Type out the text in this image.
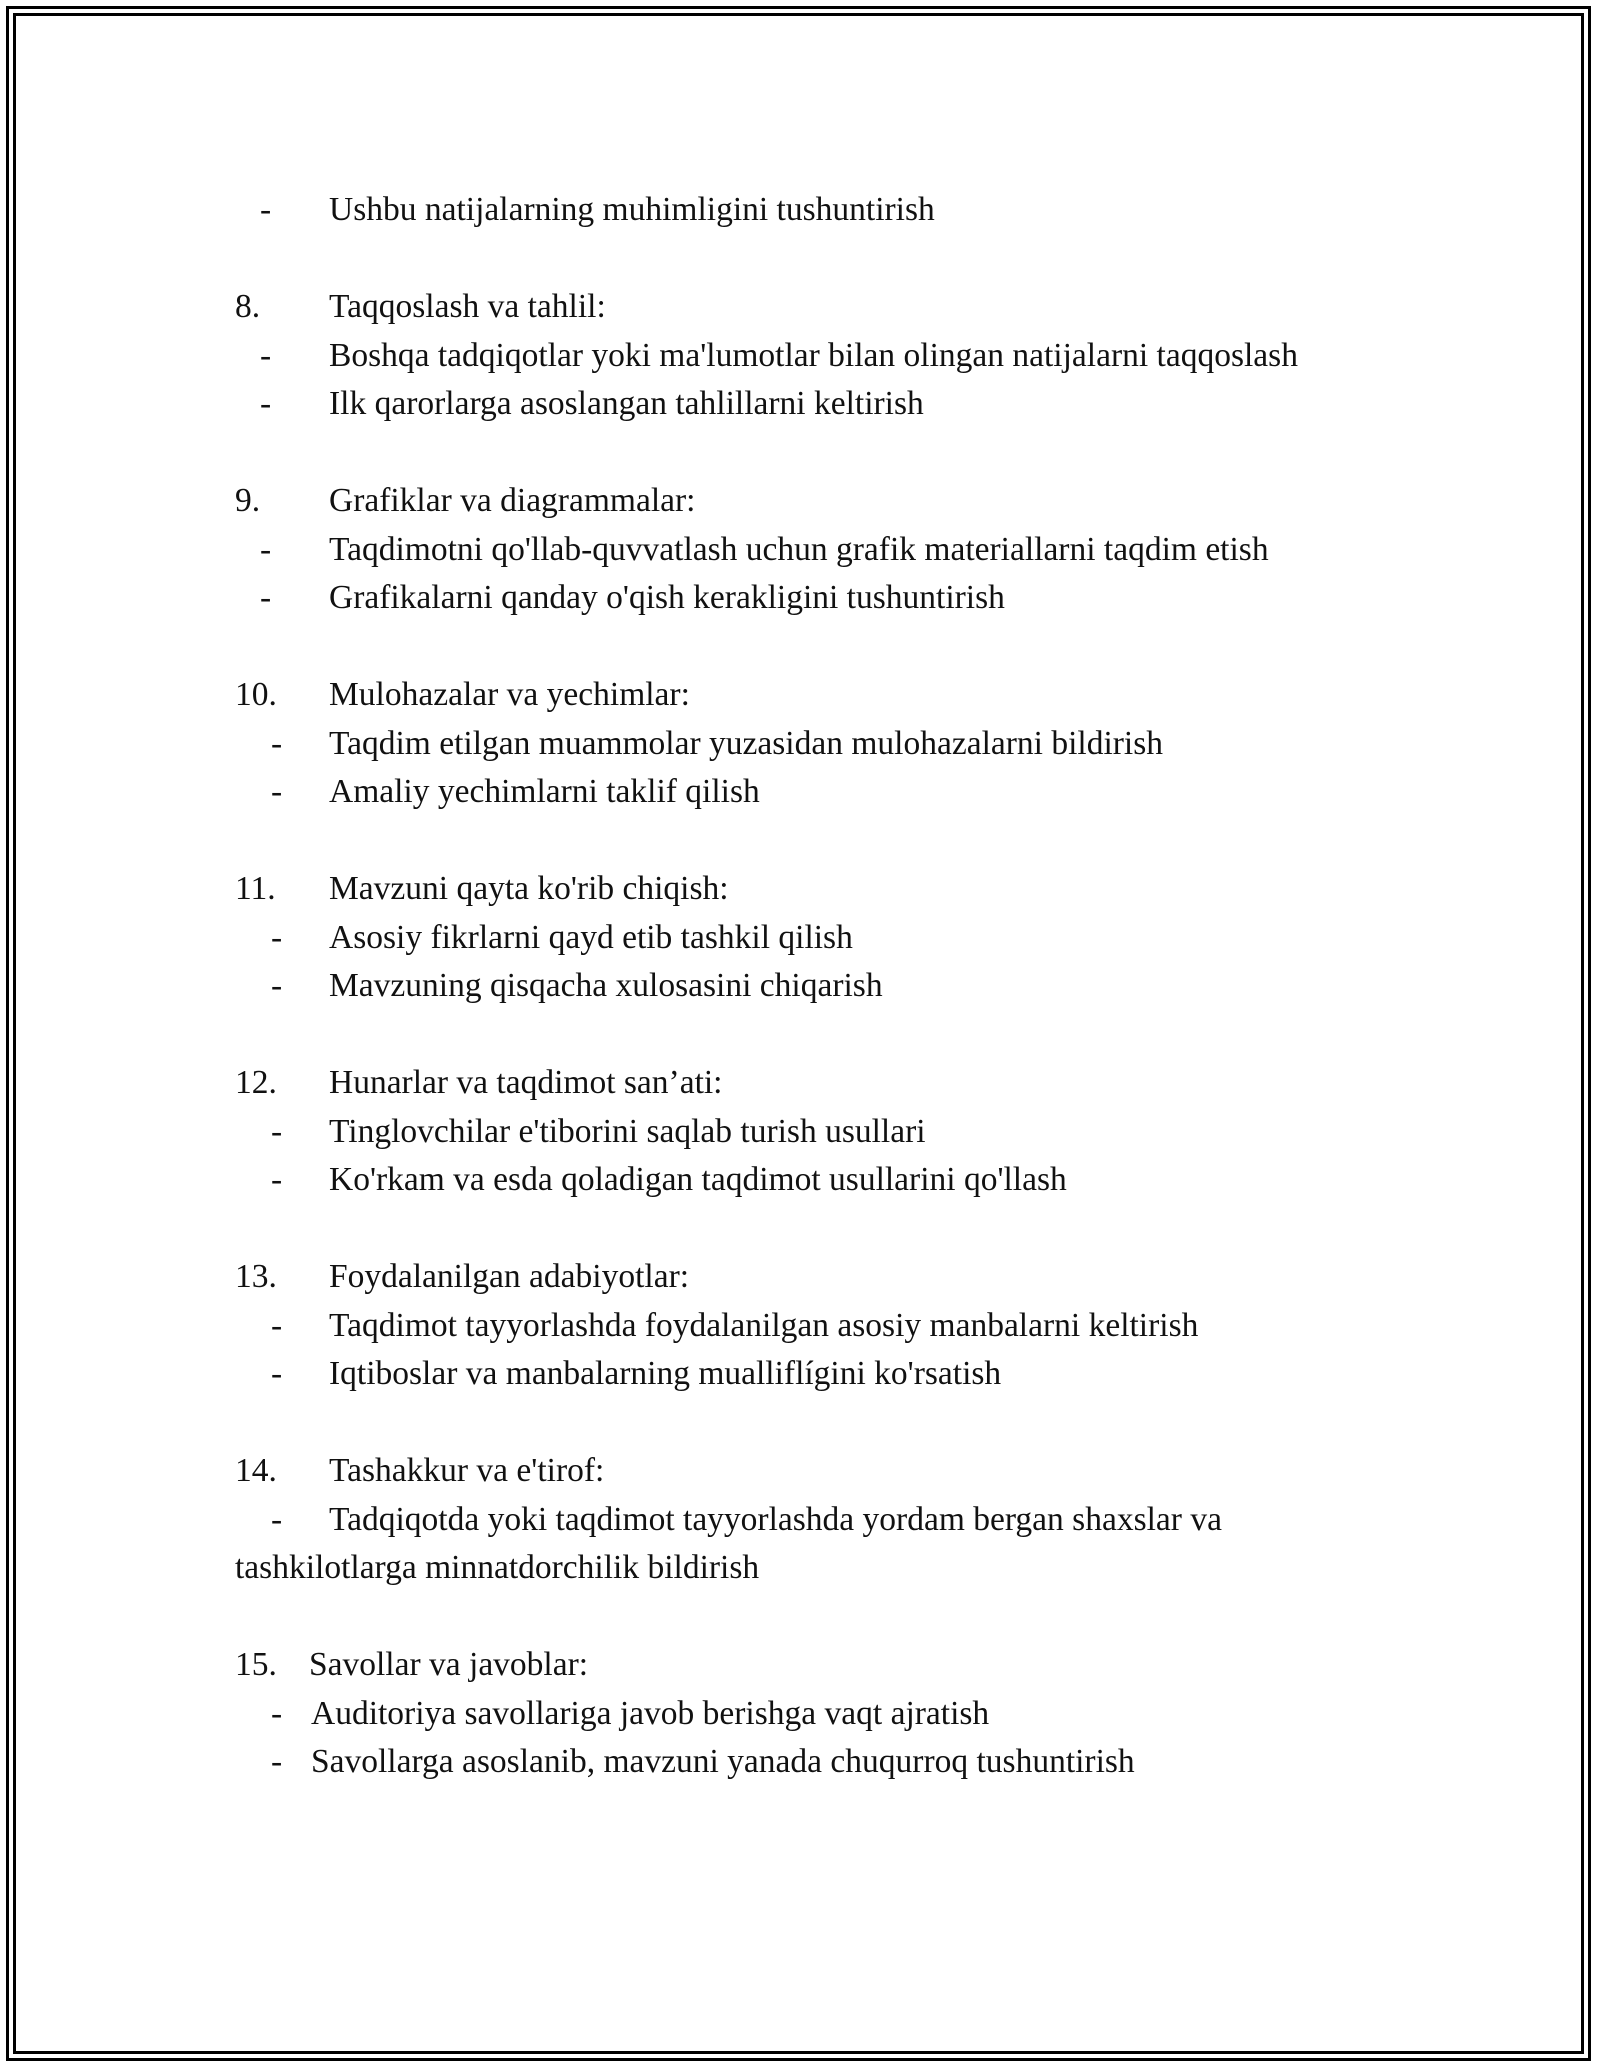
-	Ushbu natijalarning muhimligini tushuntirish
8. Taqqoslash va tahlil:
-	Boshqa tadqiqotlar yoki ma'lumotlar bilan olingan natijalarni taqqoslash
-	Ilk qarorlarga asoslangan tahlillarni keltirish
9. Grafiklar va diagrammalar:
-	Taqdimotni qo'llab-quvvatlash uchun grafik materiallarni taqdim etish
-	Grafikalarni qanday o'qish kerakligini tushuntirish
10. Mulohazalar va yechimlar:
-	Taqdim etilgan muammolar yuzasidan mulohazalarni bildirish
-	Amaliy yechimlarni taklif qilish
11. Mavzuni qayta ko'rib chiqish:
-	Asosiy fikrlarni qayd etib tashkil qilish
-	Mavzuning qisqacha xulosasini chiqarish
12. Hunarlar va taqdimot san’ati:
-	Tinglovchilar e'tiborini saqlab turish usullari
-	Ko'rkam va esda qoladigan taqdimot usullarini qo'llash
13. Foydalanilgan adabiyotlar:
-	Taqdimot tayyorlashda foydalanilgan asosiy manbalarni keltirish
-	Iqtiboslar va manbalarning mualliflígini ko'rsatish
14. Tashakkur va e'tirof:
-	Tadqiqotda yoki taqdimot tayyorlashda yordam bergan shaxslar va tashkilotlarga minnatdorchilik bildirish
15. Savollar va javoblar:
- Auditoriya savollariga javob berishga vaqt ajratish
- Savollarga asoslanib, mavzuni yanada chuqurroq tushuntirish
